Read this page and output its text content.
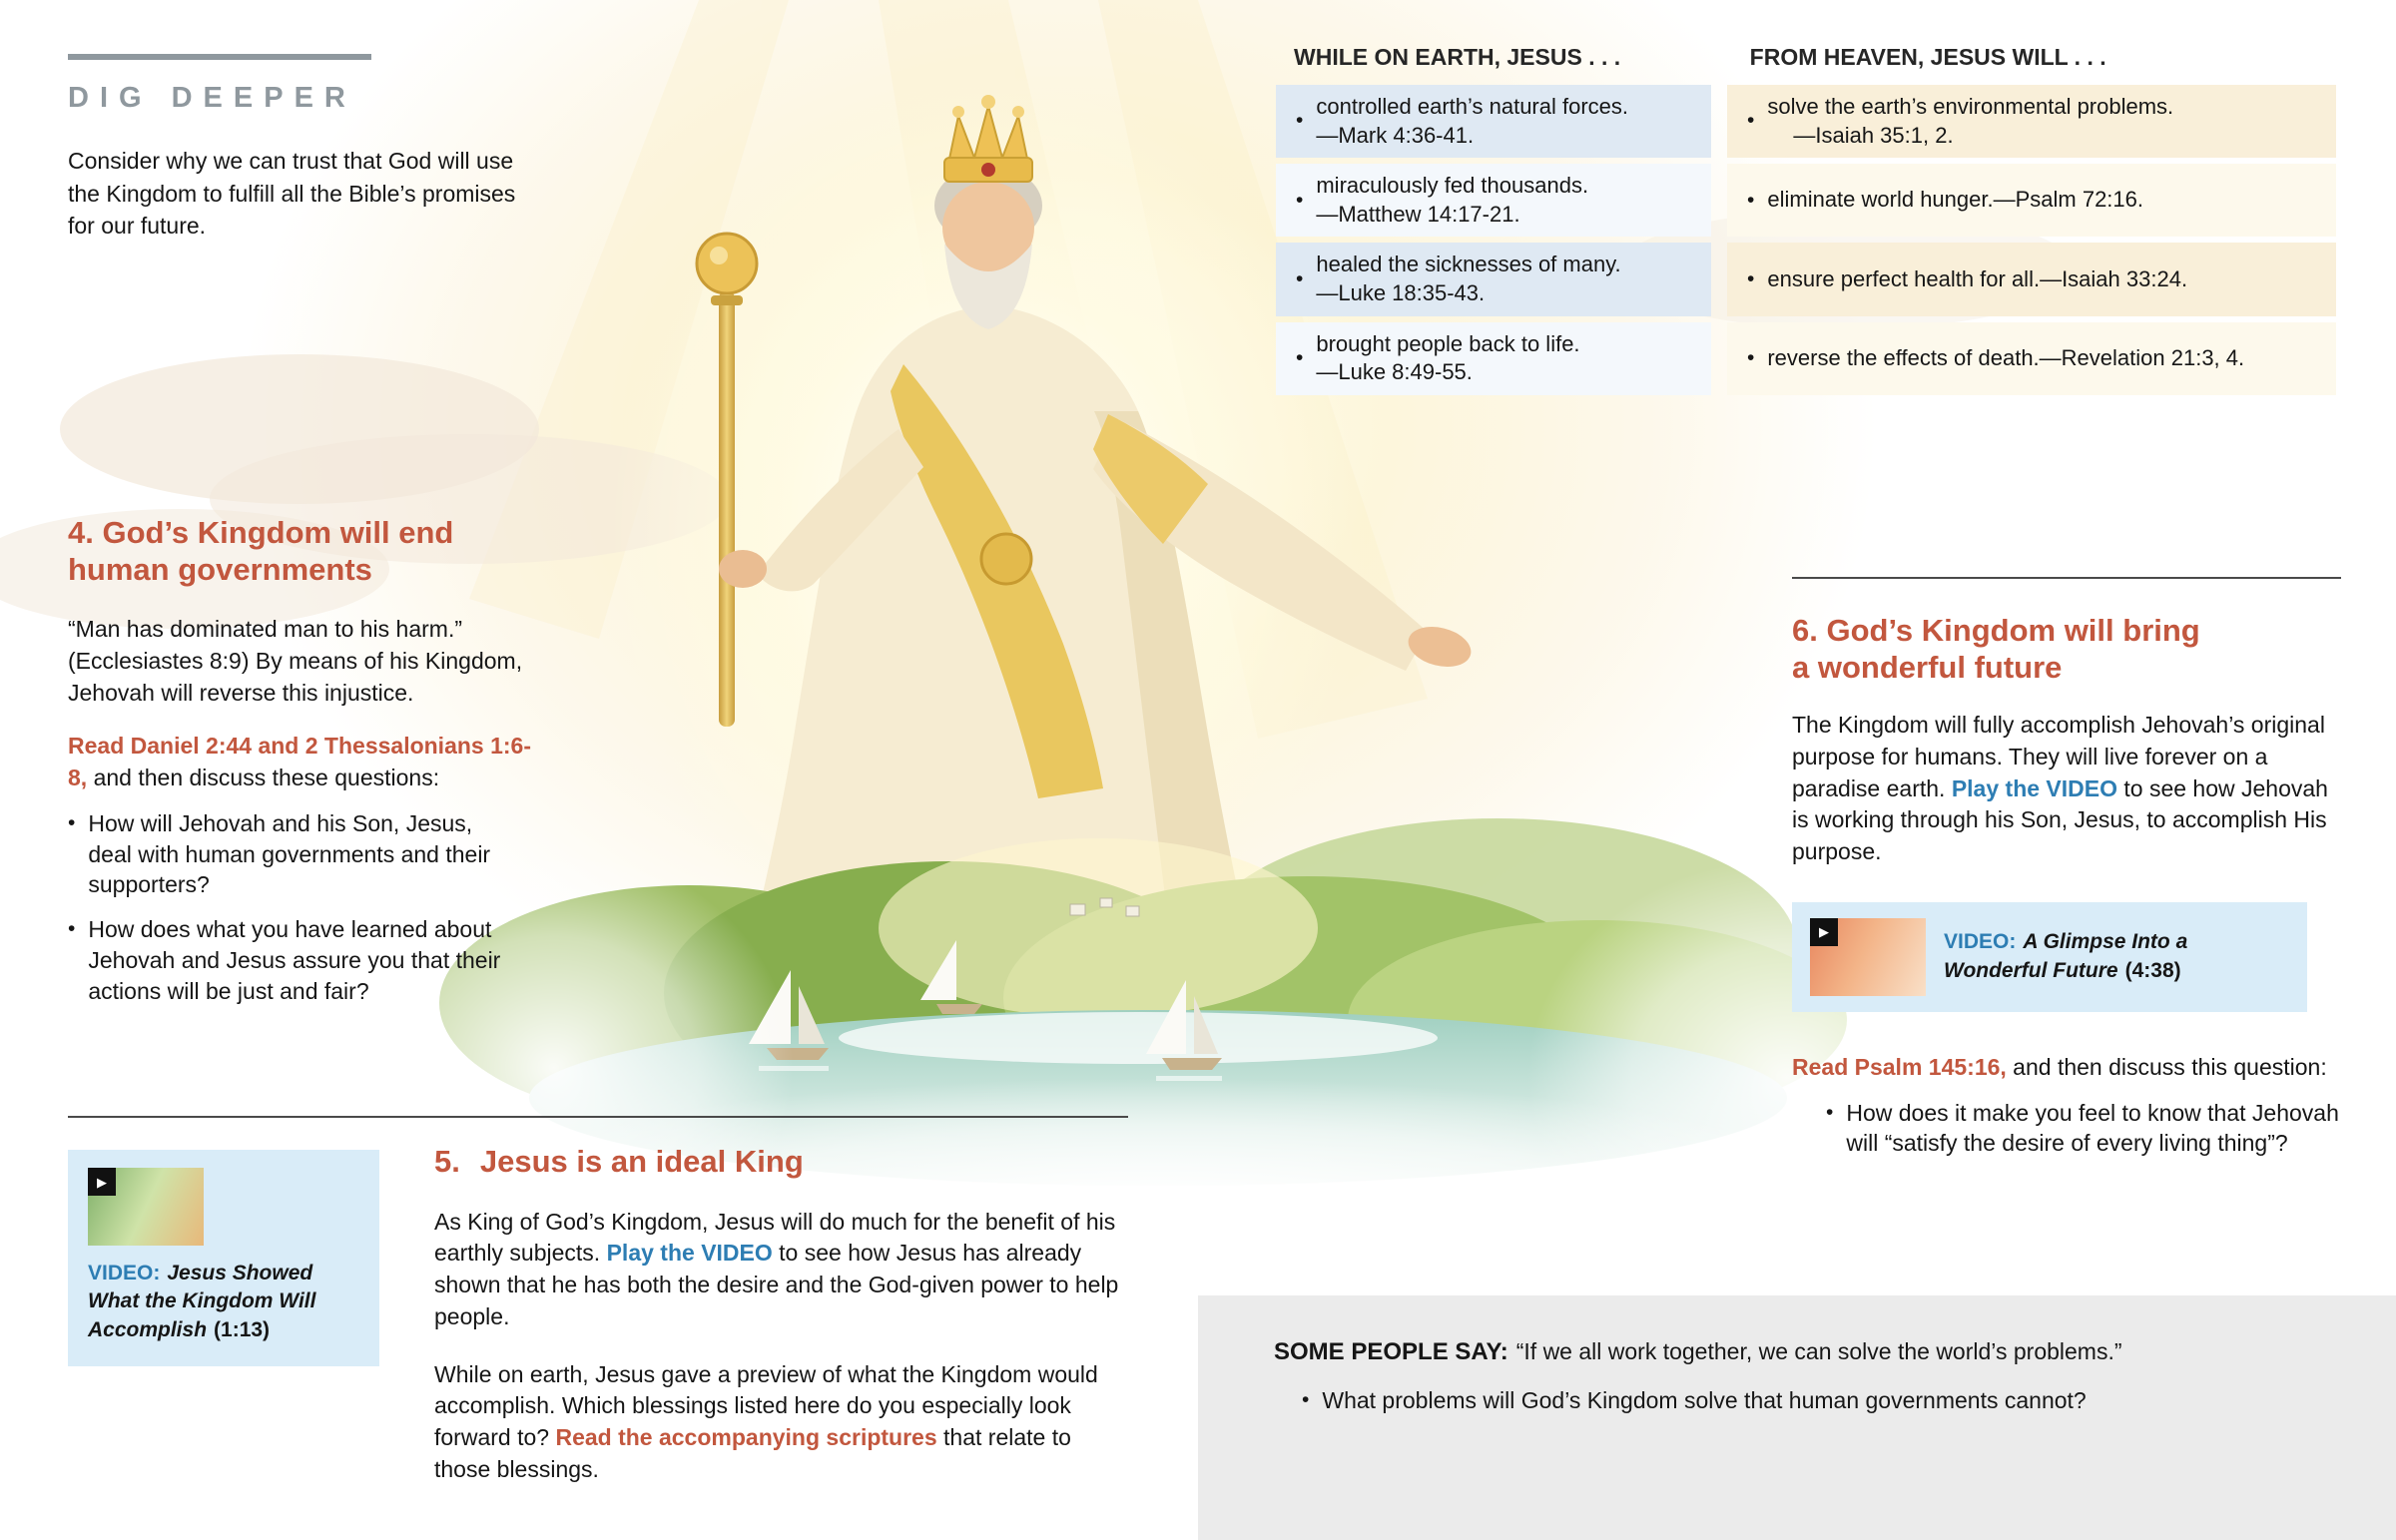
DIG DEEPER

Consider why we can trust that God will use the Kingdom to fulfill all the Bible’s promises for our future.

WHILE ON EARTH, JESUS . . .	FROM HEAVEN, JESUS WILL . . .
•
controlled earth’s natural forces.
—Mark 4:36-41.
•
solve the earth’s environmental problems.
—Isaiah 35:1, 2.
•
miraculously fed thousands.
—Matthew 14:17-21.
• eliminate world hunger.—Psalm 72:16.
•
healed the sicknesses of many.
—Luke 18:35-43.
• ensure perfect health for all.—Isaiah 33:24.
•
brought people back to life.
—Luke 8:49-55.
• reverse the effects of death.—Revelation 21:3, 4.
4. God’s Kingdom will end
human governments

“Man has dominated man to his harm.” (Ecclesiastes 8:9) By means of his Kingdom, Jehovah will reverse this injustice.

Read Daniel 2:44 and 2 Thessalonians 1:6-8, and then discuss these questions:

• How will Jehovah and his Son, Jesus, deal with human governments and their supporters?
• How does what you have learned about Jehovah and Jesus assure you that their actions will be just and fair?
6. God’s Kingdom will bring
a wonderful future

The Kingdom will fully accomplish Jehovah’s original purpose for humans. They will live forever on a paradise earth. Play the VIDEO to see how Jehovah is working through his Son, Jesus, to accomplish His purpose.

▶	VIDEO: A Glimpse Into a Wonderful Future (4:38)

Read Psalm 145:16, and then discuss this question:

• How does it make you feel to know that Jehovah will “satisfy the desire of every living thing”?
▶
VIDEO: Jesus Showed What the Kingdom Will Accomplish (1:13)
5. Jesus is an ideal King

As King of God’s Kingdom, Jesus will do much for the benefit of his earthly subjects. Play the VIDEO to see how Jesus has already shown that he has both the desire and the God-given power to help people.

While on earth, Jesus gave a preview of what the Kingdom would accomplish. Which blessings listed here do you especially look forward to? Read the accompanying scriptures that relate to those blessings.

SOME PEOPLE SAY: “If we all work together, we can solve the world’s problems.”

• What problems will God’s Kingdom solve that human governments cannot?
